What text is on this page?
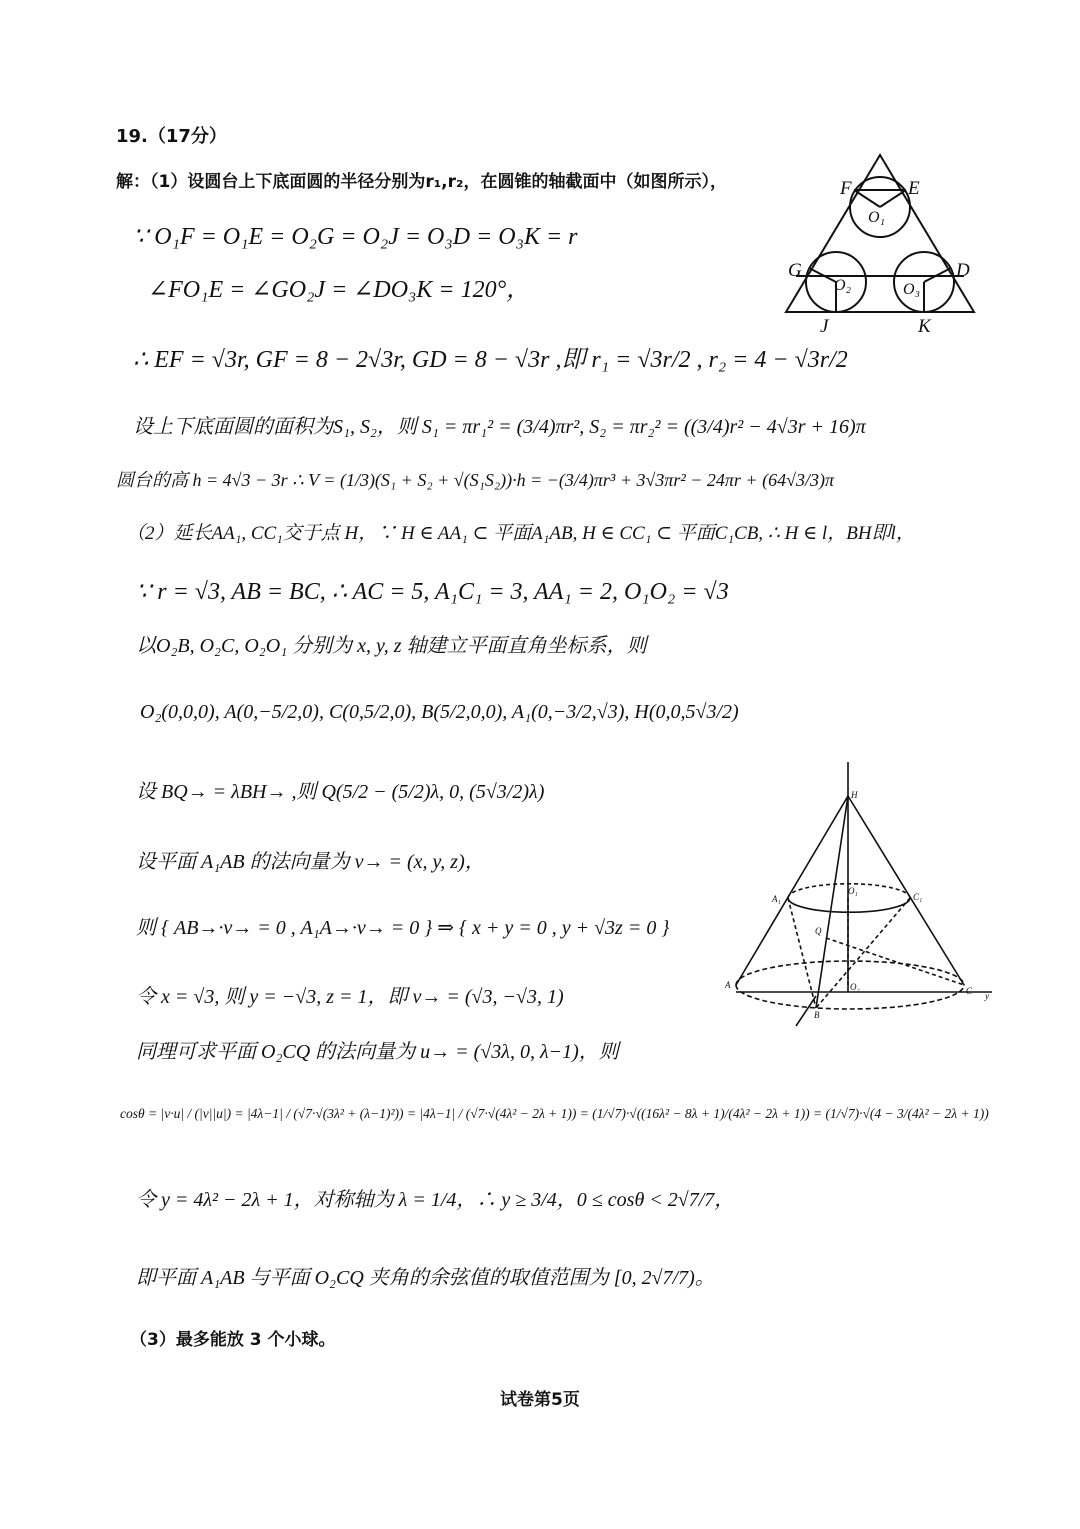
19.（17分）
解：（1）设圆台上下底面圆的半径分别为r₁,r₂，在圆锥的轴截面中（如图所示），
∵ O₁F = O₁E = O₂G = O₂J = O₃D = O₃K = r
∠FO₁E = ∠GO₂J = ∠DO₃K = 120°，
∴ EF = √3r, GF = 8 − 2√3r, GD = 8 − √3r ,即 r₁ = √3r/2 , r₂ = 4 − √3r/2
设上下底面圆的面积为S₁, S₂，则 S₁ = πr₁² = (3/4)πr², S₂ = πr₂² = ((3/4)r² − 4√3r + 16)π
圆台的高 h = 4√3 − 3r ∴ V = (1/3)(S₁ + S₂ + √(S₁S₂))·h = −(3/4)πr³ + 3√3πr² − 24πr + (64√3/3)π
（2）延长AA₁, CC₁交于点 H，∵ H ∈ AA₁ ⊂ 平面A₁AB, H ∈ CC₁ ⊂ 平面C₁CB, ∴ H ∈ l，BH即l，
∵ r = √3, AB = BC, ∴ AC = 5, A₁C₁ = 3, AA₁ = 2, O₁O₂ = √3
以O₂B, O₂C, O₂O₁ 分别为 x, y, z 轴建立平面直角坐标系，则
O₂(0,0,0), A(0,−5/2,0), C(0,5/2,0), B(5/2,0,0), A₁(0,−3/2,√3), H(0,0,5√3/2)
设 BQ→ = λBH→ ,则 Q(5/2 − (5/2)λ, 0, (5√3/2)λ)
设平面 A₁AB 的法向量为 v→ = (x, y, z)，
则 { AB→·v→ = 0 , A₁A→·v→ = 0 } ⇒ { x + y = 0 , y + √3z = 0 }
令 x = √3, 则 y = −√3, z = 1，即 v→ = (√3, −√3, 1)
同理可求平面 O₂CQ 的法向量为 u→ = (√3λ, 0, λ−1)，则
cosθ = |v·u| / (|v||u|) = |4λ−1| / (√7·√(3λ² + (λ−1)²)) = |4λ−1| / (√7·√(4λ² − 2λ + 1)) = (1/√7)·√((16λ² − 8λ + 1)/(4λ² − 2λ + 1)) = (1/√7)·√(4 − 3/(4λ² − 2λ + 1))
令 y = 4λ² − 2λ + 1，对称轴为 λ = 1/4，∴ y ≥ 3/4，0 ≤ cosθ < 2√7/7，
即平面 A₁AB 与平面 O₂CQ 夹角的余弦值的取值范围为 [0, 2√7/7)。
（3）最多能放 3 个小球。
试卷第5页
F	E
O₁
G	D
O₂	O₃
J	K
H
A₁
O₁
C₁
Q
A	O₂	C
B
y
